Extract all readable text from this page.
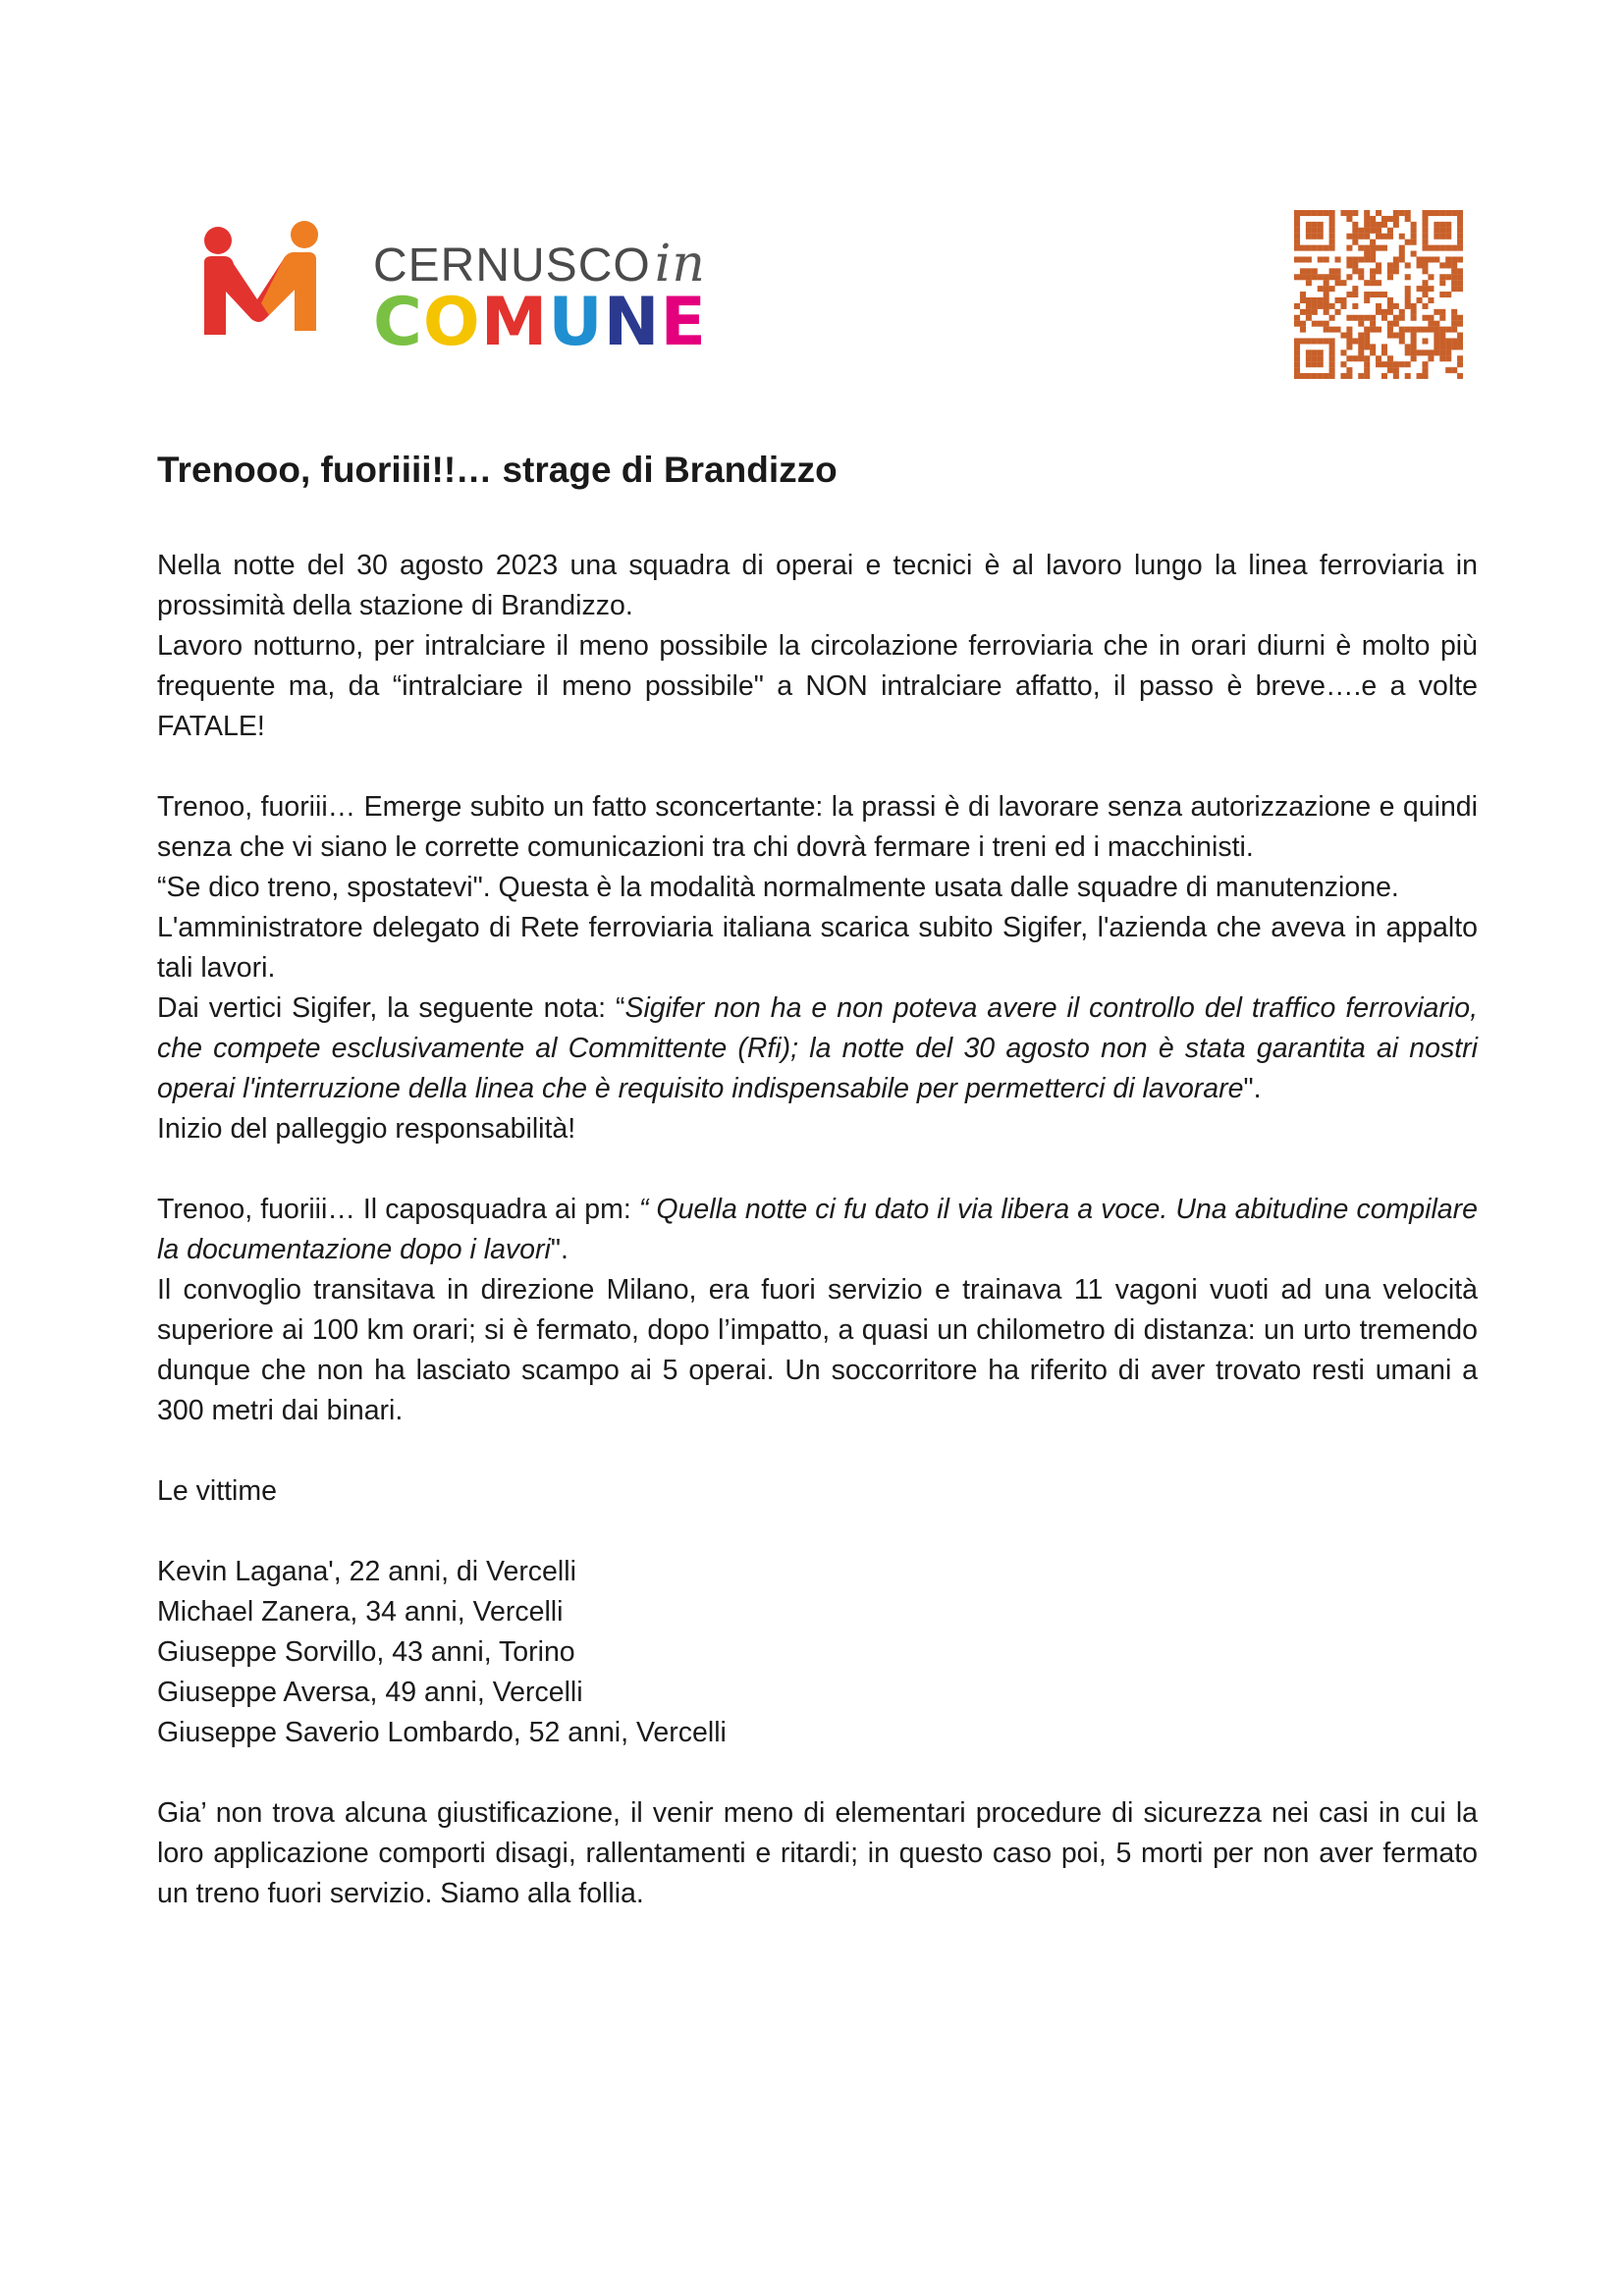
CERNUSCOin
COMUNE
Trenooo, fuoriiii!!… strage di Brandizzo

Nella notte del 30 agosto 2023 una squadra di operai e tecnici è al lavoro lungo la linea ferroviaria in prossimità della stazione di Brandizzo.

Lavoro notturno, per intralciare il meno possibile la circolazione ferroviaria che in orari diurni è molto più frequente ma, da “intralciare il meno possibile" a NON intralciare affatto, il passo è breve….e a volte FATALE!

Trenoo, fuoriii… Emerge subito un fatto sconcertante: la prassi è di lavorare senza autorizzazione e quindi senza che vi siano le corrette comunicazioni tra chi dovrà fermare i treni ed i macchinisti.

“Se dico treno, spostatevi". Questa è la modalità normalmente usata dalle squadre di manutenzione.

L'amministratore delegato di Rete ferroviaria italiana scarica subito Sigifer, l'azienda che aveva in appalto tali lavori.

Dai vertici Sigifer, la seguente nota: “Sigifer non ha e non poteva avere il controllo del traffico ferroviario, che compete esclusivamente al Committente (Rfi); la notte del 30 agosto non è stata garantita ai nostri operai l'interruzione della linea che è requisito indispensabile per permetterci di lavorare".

Inizio del palleggio responsabilità!

Trenoo, fuoriii… Il caposquadra ai pm: “ Quella notte ci fu dato il via libera a voce. Una abitudine compilare la documentazione dopo i lavori".

Il convoglio transitava in direzione Milano, era fuori servizio e trainava 11 vagoni vuoti ad una velocità superiore ai 100 km orari; si è fermato, dopo l’impatto, a quasi un chilometro di distanza: un urto tremendo dunque che non ha lasciato scampo ai 5 operai. Un soccorritore ha riferito di aver trovato resti umani a 300 metri dai binari.

Le vittime

Kevin Lagana', 22 anni, di Vercelli

Michael Zanera, 34 anni, Vercelli

Giuseppe Sorvillo, 43 anni, Torino

Giuseppe Aversa, 49 anni, Vercelli

Giuseppe Saverio Lombardo, 52 anni, Vercelli

Gia’ non trova alcuna giustificazione, il venir meno di elementari procedure di sicurezza nei casi in cui la loro applicazione comporti disagi, rallentamenti e ritardi; in questo caso poi, 5 morti per non aver fermato un treno fuori servizio. Siamo alla follia.
